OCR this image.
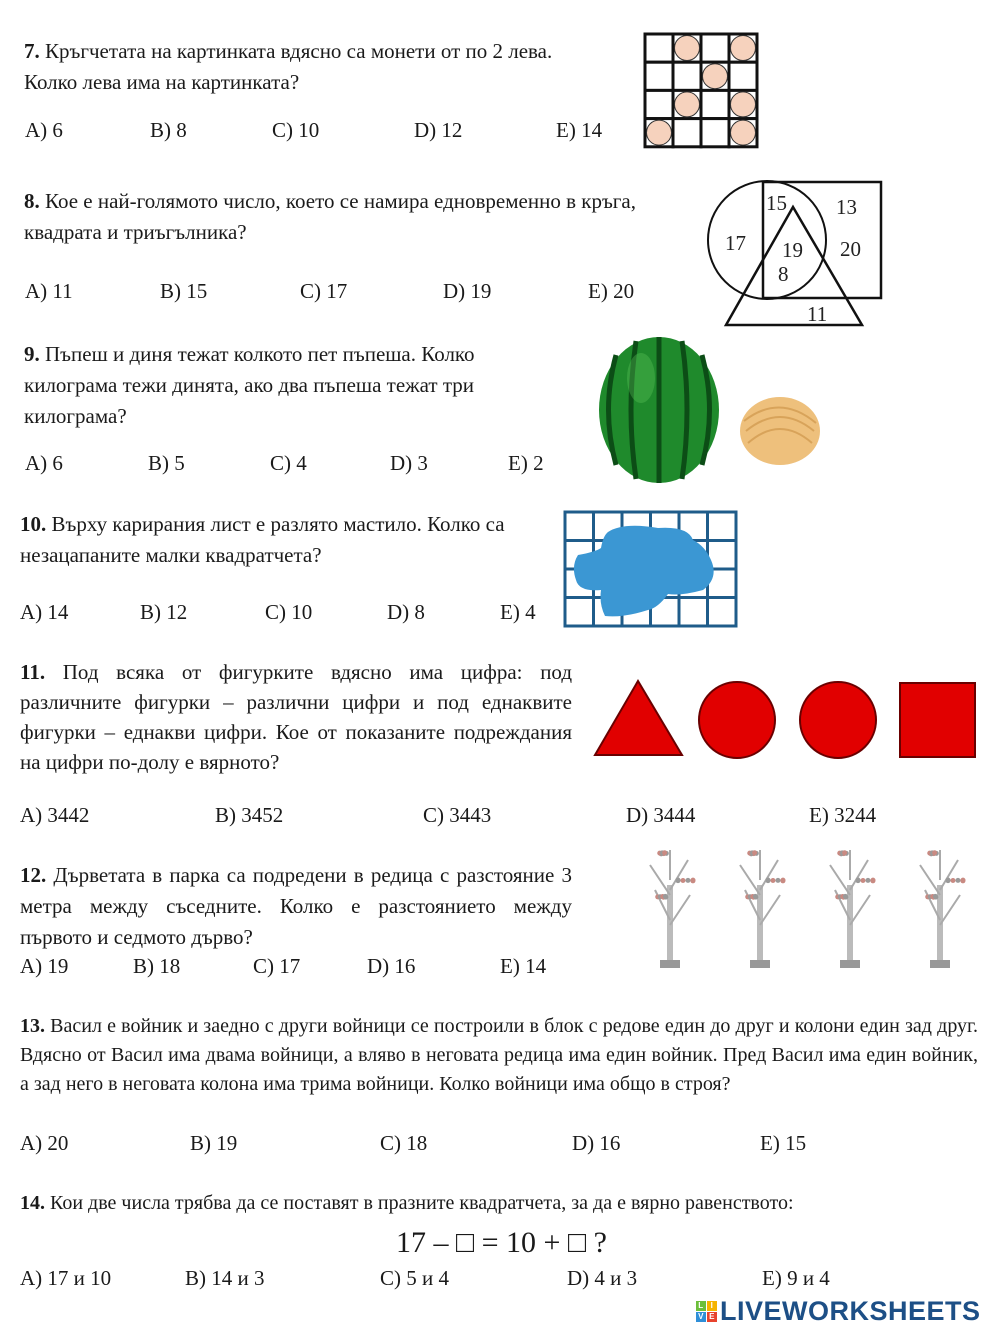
7. Кръгчетата на картинката вдясно са монети от по 2 лева. Колко лева има на картинката?
8. Кое е най-голямото число, което се намира едновременно в кръга, квадрата и триъгълника?
9. Пъпеш и диня тежат колкото пет пъпеша. Колко килограма тежи динята, ако два пъпеша тежат три килограма?
10. Върху карирания лист е разлято мастило. Колко са незацапаните малки квадратчета?
11. Под всяка от фигурките вдясно има цифра: под различните фигурки – различни цифри и под еднаквите фигурки – еднакви цифри. Кое от показаните подреждания на цифри по-долу е вярното?
12. Дърветата в парка са подредени в редица с разстояние 3 метра между съседните. Колко е разстоянието между първото и седмото дърво?
13. Васил е войник и заедно с други войници се построили в блок с редове един до друг и колони един зад друг. Вдясно от Васил има двама войници, а вляво в неговата редица има един войник. Пред Васил има един войник, а зад него в неговата колона има трима войници. Колко войници има общо в строя?
14. Кои две числа трябва да се поставят в празните квадратчета, за да е вярно равенството:
17 – □ = 10 + □ ?
A) 6	B) 8	C) 10	D) 12	E) 14
A) 11	B) 15	C) 17	D) 19	E) 20
A) 6	B) 5	C) 4	D) 3	E) 2
A) 14	B) 12	C) 10	D) 8	E) 4
A) 3442	B) 3452	C) 3443	D) 3444	E) 3244
A) 19	B) 18	C) 17	D) 16	E) 14
A) 20	B) 19	C) 18	D) 16	E) 15
A) 17 и 10	B) 14 и 3	C) 5 и 4	D) 4 и 3	E) 9 и 4
15 13
17 19 20
8
11
L I
V E LIVEWORKSHEETS
